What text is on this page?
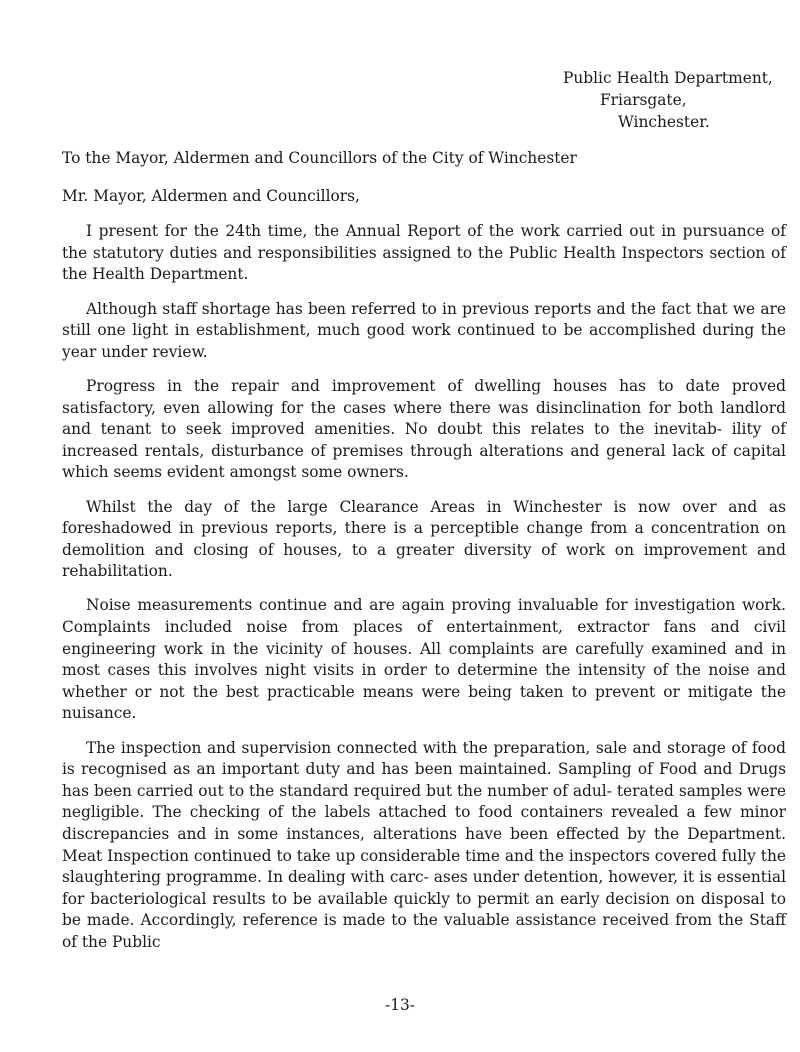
Public Health Department,
Friarsgate,
Winchester.

To the Mayor, Aldermen and Councillors of the City of Winchester

Mr. Mayor, Aldermen and Councillors,

I present for the 24th time, the Annual Report of the work carried out in pursuance of the statutory duties and responsibilities assigned to the Public Health Inspectors section of the Health Department.

Although staff shortage has been referred to in previous reports and the fact that we are still one light in establishment, much good work continued to be accomplished during the year under review.

Progress in the repair and improvement of dwelling houses has to date proved satisfactory, even allowing for the cases where there was disinclination for both landlord and tenant to seek improved amenities. No doubt this relates to the inevitab- ility of increased rentals, disturbance of premises through alterations and general lack of capital which seems evident amongst some owners.

Whilst the day of the large Clearance Areas in Winchester is now over and as foreshadowed in previous reports, there is a perceptible change from a concentration on demolition and closing of houses, to a greater diversity of work on improvement and rehabilitation.

Noise measurements continue and are again proving invaluable for investigation work. Complaints included noise from places of entertainment, extractor fans and civil engineering work in the vicinity of houses. All complaints are carefully examined and in most cases this involves night visits in order to determine the intensity of the noise and whether or not the best practicable means were being taken to prevent or mitigate the nuisance.

The inspection and supervision connected with the preparation, sale and storage of food is recognised as an important duty and has been maintained. Sampling of Food and Drugs has been carried out to the standard required but the number of adul- terated samples were negligible. The checking of the labels attached to food containers revealed a few minor discrepancies and in some instances, alterations have been effected by the Department. Meat Inspection continued to take up considerable time and the inspectors covered fully the slaughtering programme. In dealing with carc- ases under detention, however, it is essential for bacteriological results to be available quickly to permit an early decision on disposal to be made. Accordingly, reference is made to the valuable assistance received from the Staff of the Public

-13-
